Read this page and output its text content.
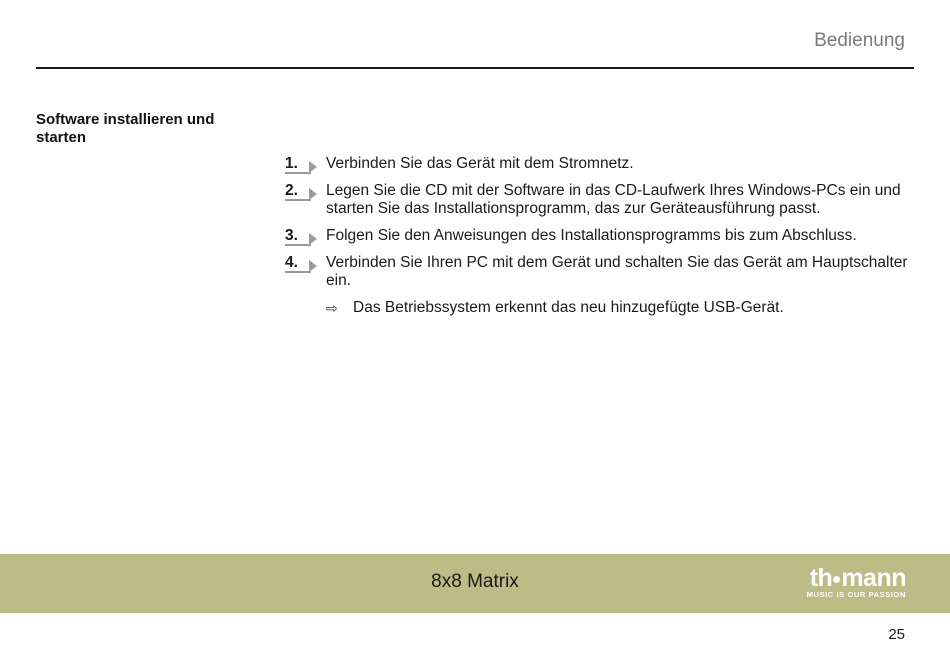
Bedienung
Software installieren und starten
1.	Verbinden Sie das Gerät mit dem Stromnetz.
2.	Legen Sie die CD mit der Software in das CD-Laufwerk Ihres Windows-PCs ein und starten Sie das Installationsprogramm, das zur Geräteausführung passt.
3.	Folgen Sie den Anweisungen des Installationsprogramms bis zum Abschluss.
4.	Verbinden Sie Ihren PC mit dem Gerät und schalten Sie das Gerät am Hauptschalter ein.
⇨ Das Betriebssystem erkennt das neu hinzugefügte USB-Gerät.
8x8 Matrix	th mann
MUSIC IS OUR PASSION
25
